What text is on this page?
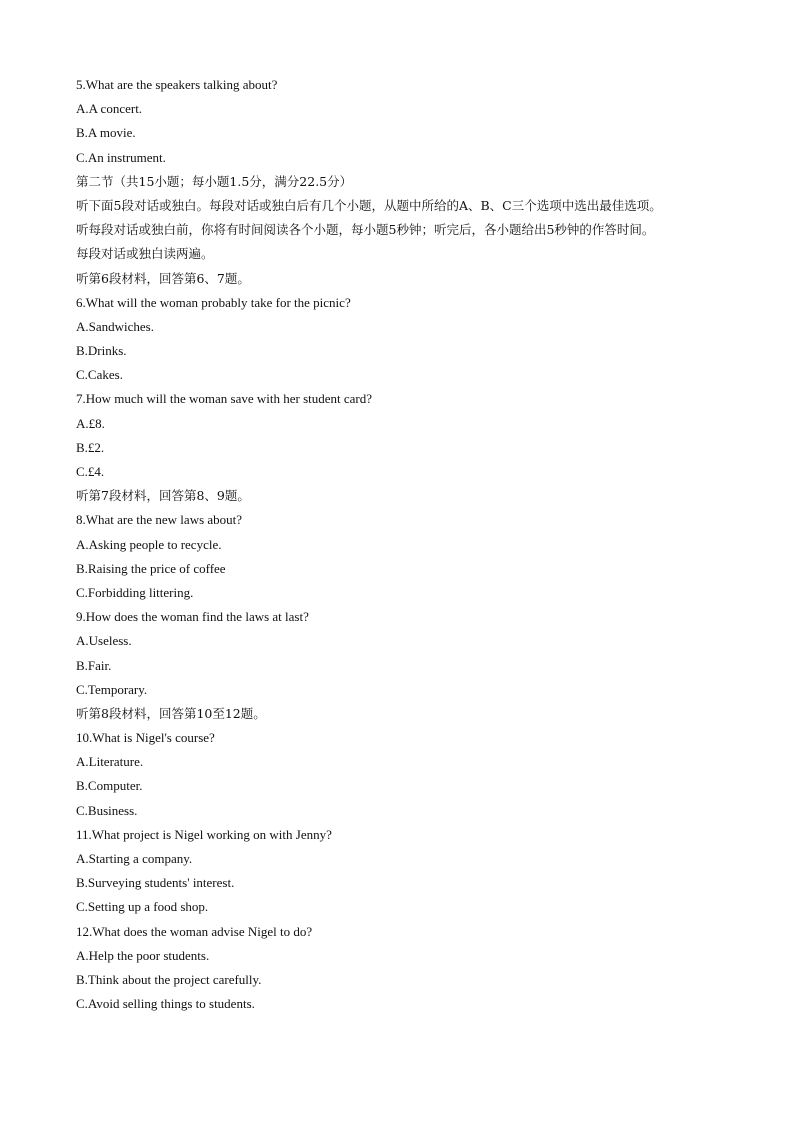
5.What are the speakers talking about?
A.A concert.
B.A movie.
C.An instrument.
第二节（共15小题；每小题1.5分，满分22.5分）
听下面5段对话或独白。每段对话或独白后有几个小题，从题中所给的A、B、C三个选项中选出最佳选项。
听每段对话或独白前，你将有时间阅读各个小题，每小题5秒钟；听完后，各小题给出5秒钟的作答时间。
每段对话或独白读两遍。
听第6段材料，回答第6、7题。
6.What will the woman probably take for the picnic?
A.Sandwiches.
B.Drinks.
C.Cakes.
7.How much will the woman save with her student card?
A.£8.
B.£2.
C.£4.
听第7段材料，回答第8、9题。
8.What are the new laws about?
A.Asking people to recycle.
B.Raising the price of coffee
C.Forbidding littering.
9.How does the woman find the laws at last?
A.Useless.
B.Fair.
C.Temporary.
听第8段材料，回答第10至12题。
10.What is Nigel's course?
A.Literature.
B.Computer.
C.Business.
11.What project is Nigel working on with Jenny?
A.Starting a company.
B.Surveying students' interest.
C.Setting up a food shop.
12.What does the woman advise Nigel to do?
A.Help the poor students.
B.Think about the project carefully.
C.Avoid selling things to students.
